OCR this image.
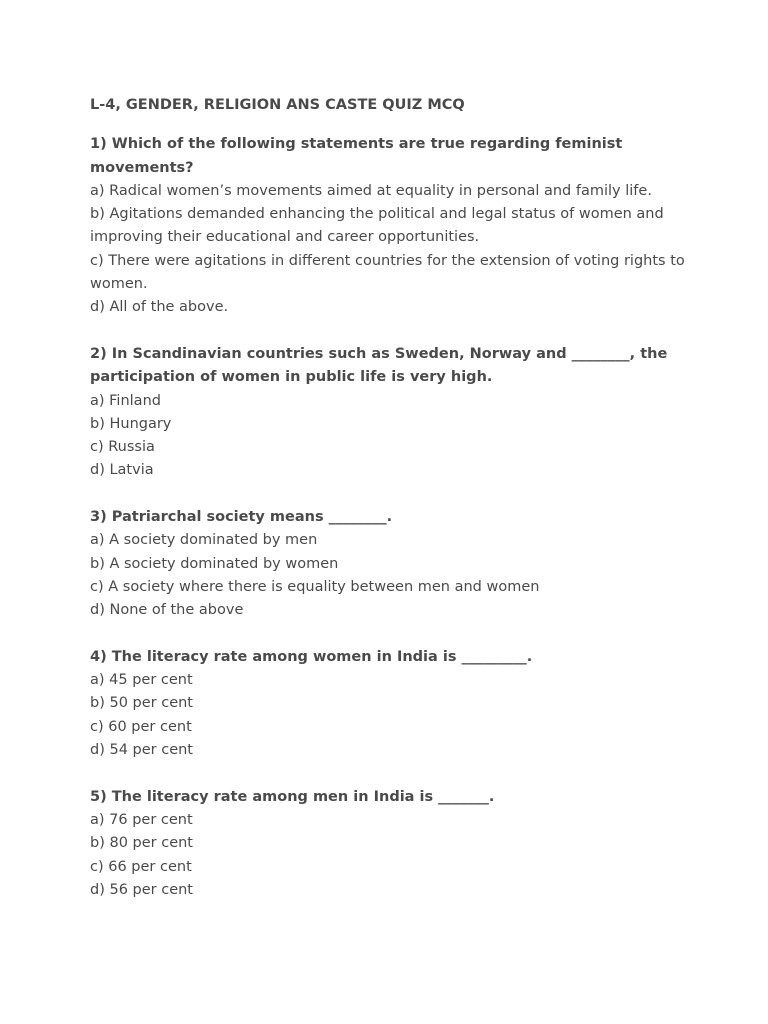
L-4, GENDER, RELIGION ANS CASTE QUIZ MCQ
1) Which of the following statements are true regarding feminist movements?
a) Radical women’s movements aimed at equality in personal and family life.
b) Agitations demanded enhancing the political and legal status of women and improving their educational and career opportunities.
c) There were agitations in different countries for the extension of voting rights to women.
d) All of the above.
2) In Scandinavian countries such as Sweden, Norway and ________, the participation of women in public life is very high.
a) Finland
b) Hungary
c) Russia
d) Latvia
3) Patriarchal society means ________.
a) A society dominated by men
b) A society dominated by women
c) A society where there is equality between men and women
d) None of the above
4) The literacy rate among women in India is _________.
a) 45 per cent
b) 50 per cent
c) 60 per cent
d) 54 per cent
5) The literacy rate among men in India is _______.
a) 76 per cent
b) 80 per cent
c) 66 per cent
d) 56 per cent
